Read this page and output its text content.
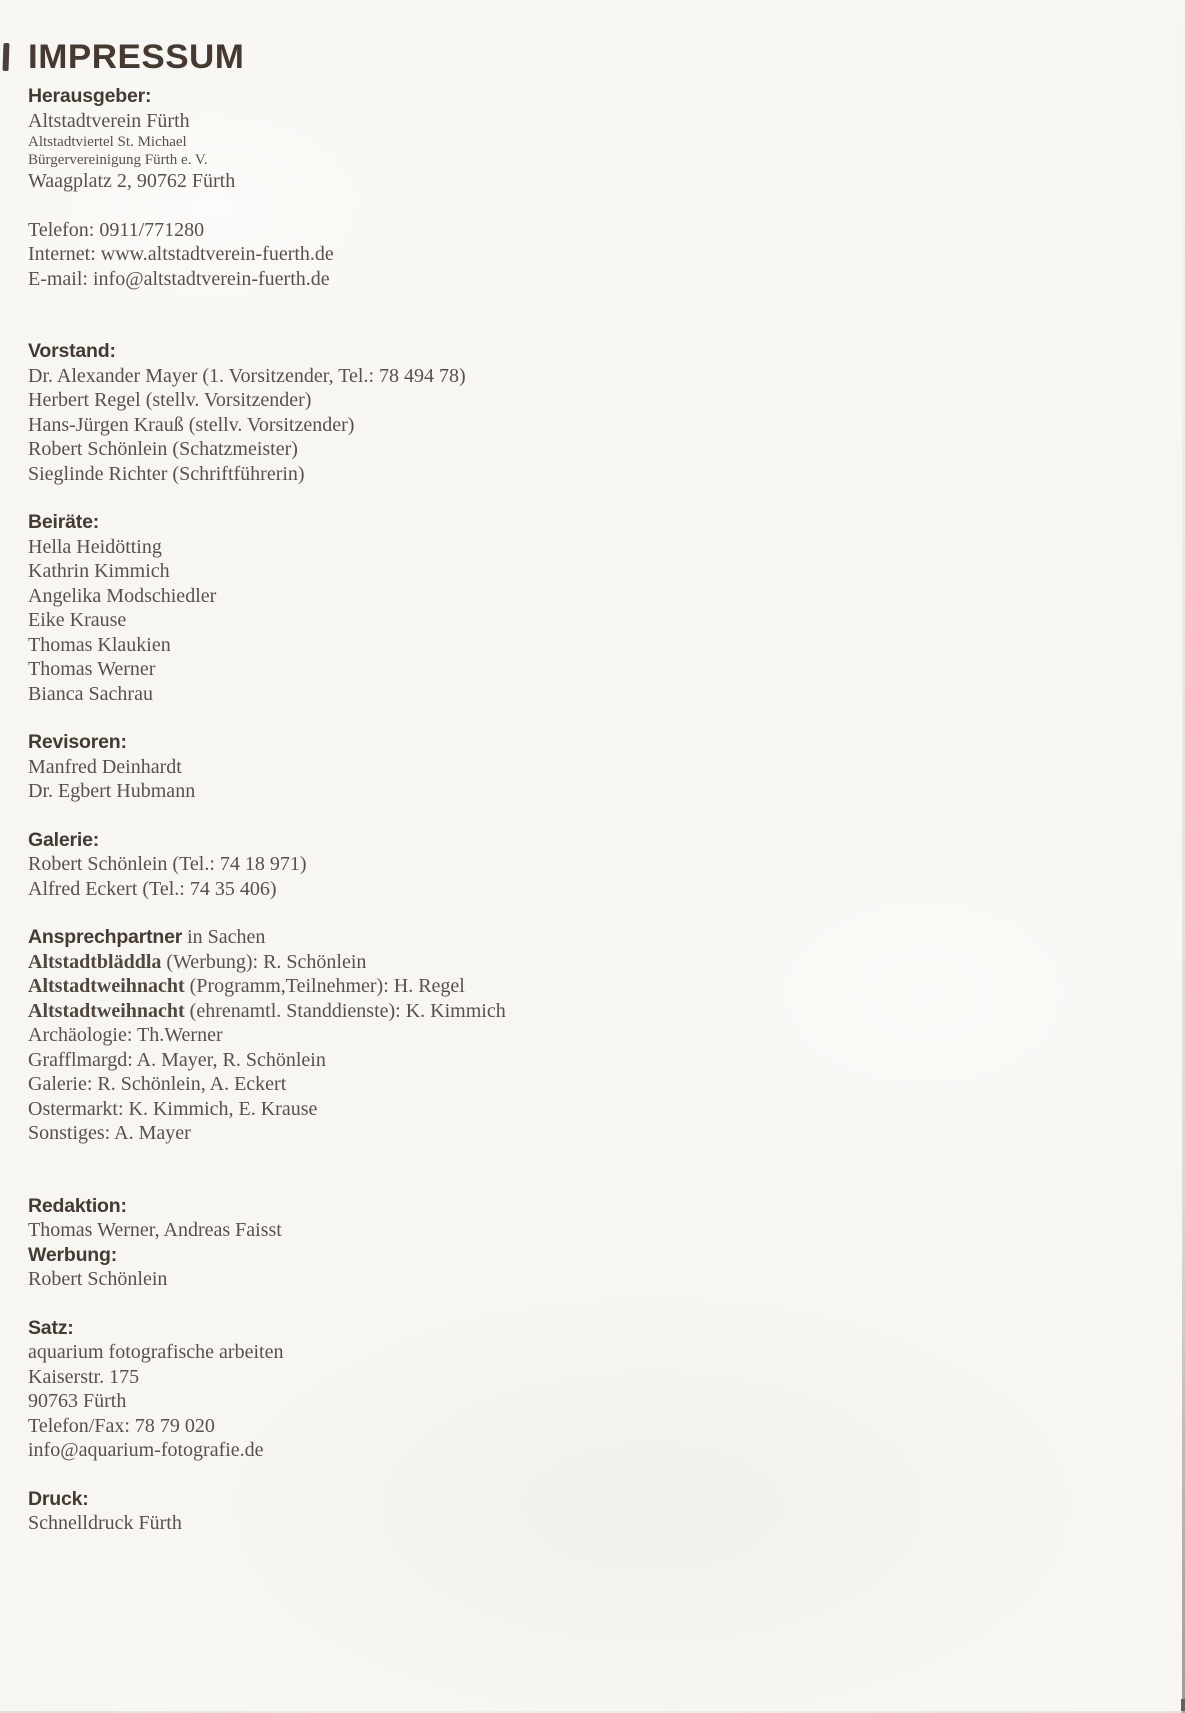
IMPRESSUM
Herausgeber:
Altstadtverein Fürth
Altstadtviertel St. Michael
Bürgervereinigung Fürth e. V.
Waagplatz 2, 90762 Fürth
Telefon: 0911/771280
Internet: www.altstadtverein-fuerth.de
E-mail: info@altstadtverein-fuerth.de
Vorstand:
Dr. Alexander Mayer (1. Vorsitzender, Tel.: 78 494 78)
Herbert Regel (stellv. Vorsitzender)
Hans-Jürgen Krauß (stellv. Vorsitzender)
Robert Schönlein (Schatzmeister)
Sieglinde Richter (Schriftführerin)
Beiräte:
Hella Heidötting
Kathrin Kimmich
Angelika Modschiedler
Eike Krause
Thomas Klaukien
Thomas Werner
Bianca Sachrau
Revisoren:
Manfred Deinhardt
Dr. Egbert Hubmann
Galerie:
Robert Schönlein (Tel.: 74 18 971)
Alfred Eckert (Tel.: 74 35 406)
Ansprechpartner in Sachen
Altstadtbläddla (Werbung): R. Schönlein
Altstadtweihnacht (Programm,Teilnehmer): H. Regel
Altstadtweihnacht (ehrenamtl. Standdienste): K. Kimmich
Archäologie: Th.Werner
Grafflmargd: A. Mayer, R. Schönlein
Galerie: R. Schönlein, A. Eckert
Ostermarkt: K. Kimmich, E. Krause
Sonstiges: A. Mayer
Redaktion:
Thomas Werner, Andreas Faisst
Werbung:
Robert Schönlein
Satz:
aquarium fotografische arbeiten
Kaiserstr. 175
90763 Fürth
Telefon/Fax: 78 79 020
info@aquarium-fotografie.de
Druck:
Schnelldruck Fürth
